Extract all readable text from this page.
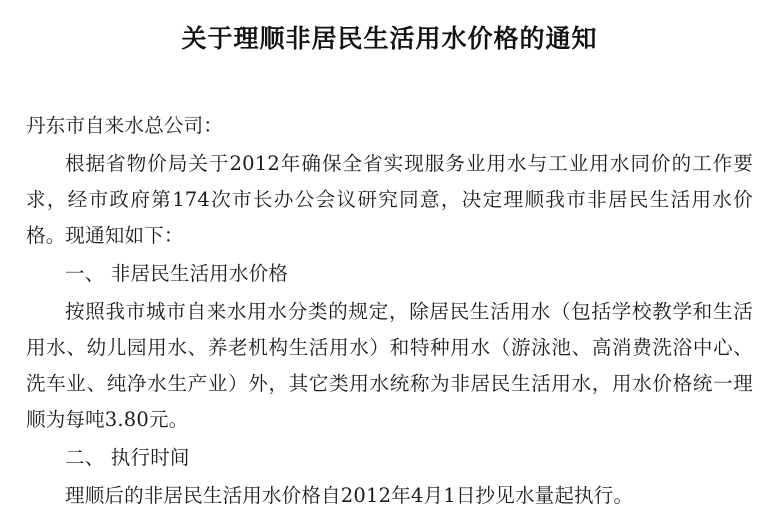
关于理顺非居民生活用水价格的通知

丹东市自来水总公司：

根据省物价局关于2012年确保全省实现服务业用水与工业用水同价的工作要求，经市政府第174次市长办公会议研究同意，决定理顺我市非居民生活用水价格。现通知如下：

一、 非居民生活用水价格

按照我市城市自来水用水分类的规定，除居民生活用水（包括学校教学和生活用水、幼儿园用水、养老机构生活用水）和特种用水（游泳池、高消费洗浴中心、洗车业、纯净水生产业）外，其它类用水统称为非居民生活用水，用水价格统一理顺为每吨3.80元。

二、 执行时间

理顺后的非居民生活用水价格自2012年4月1日抄见水量起执行。
